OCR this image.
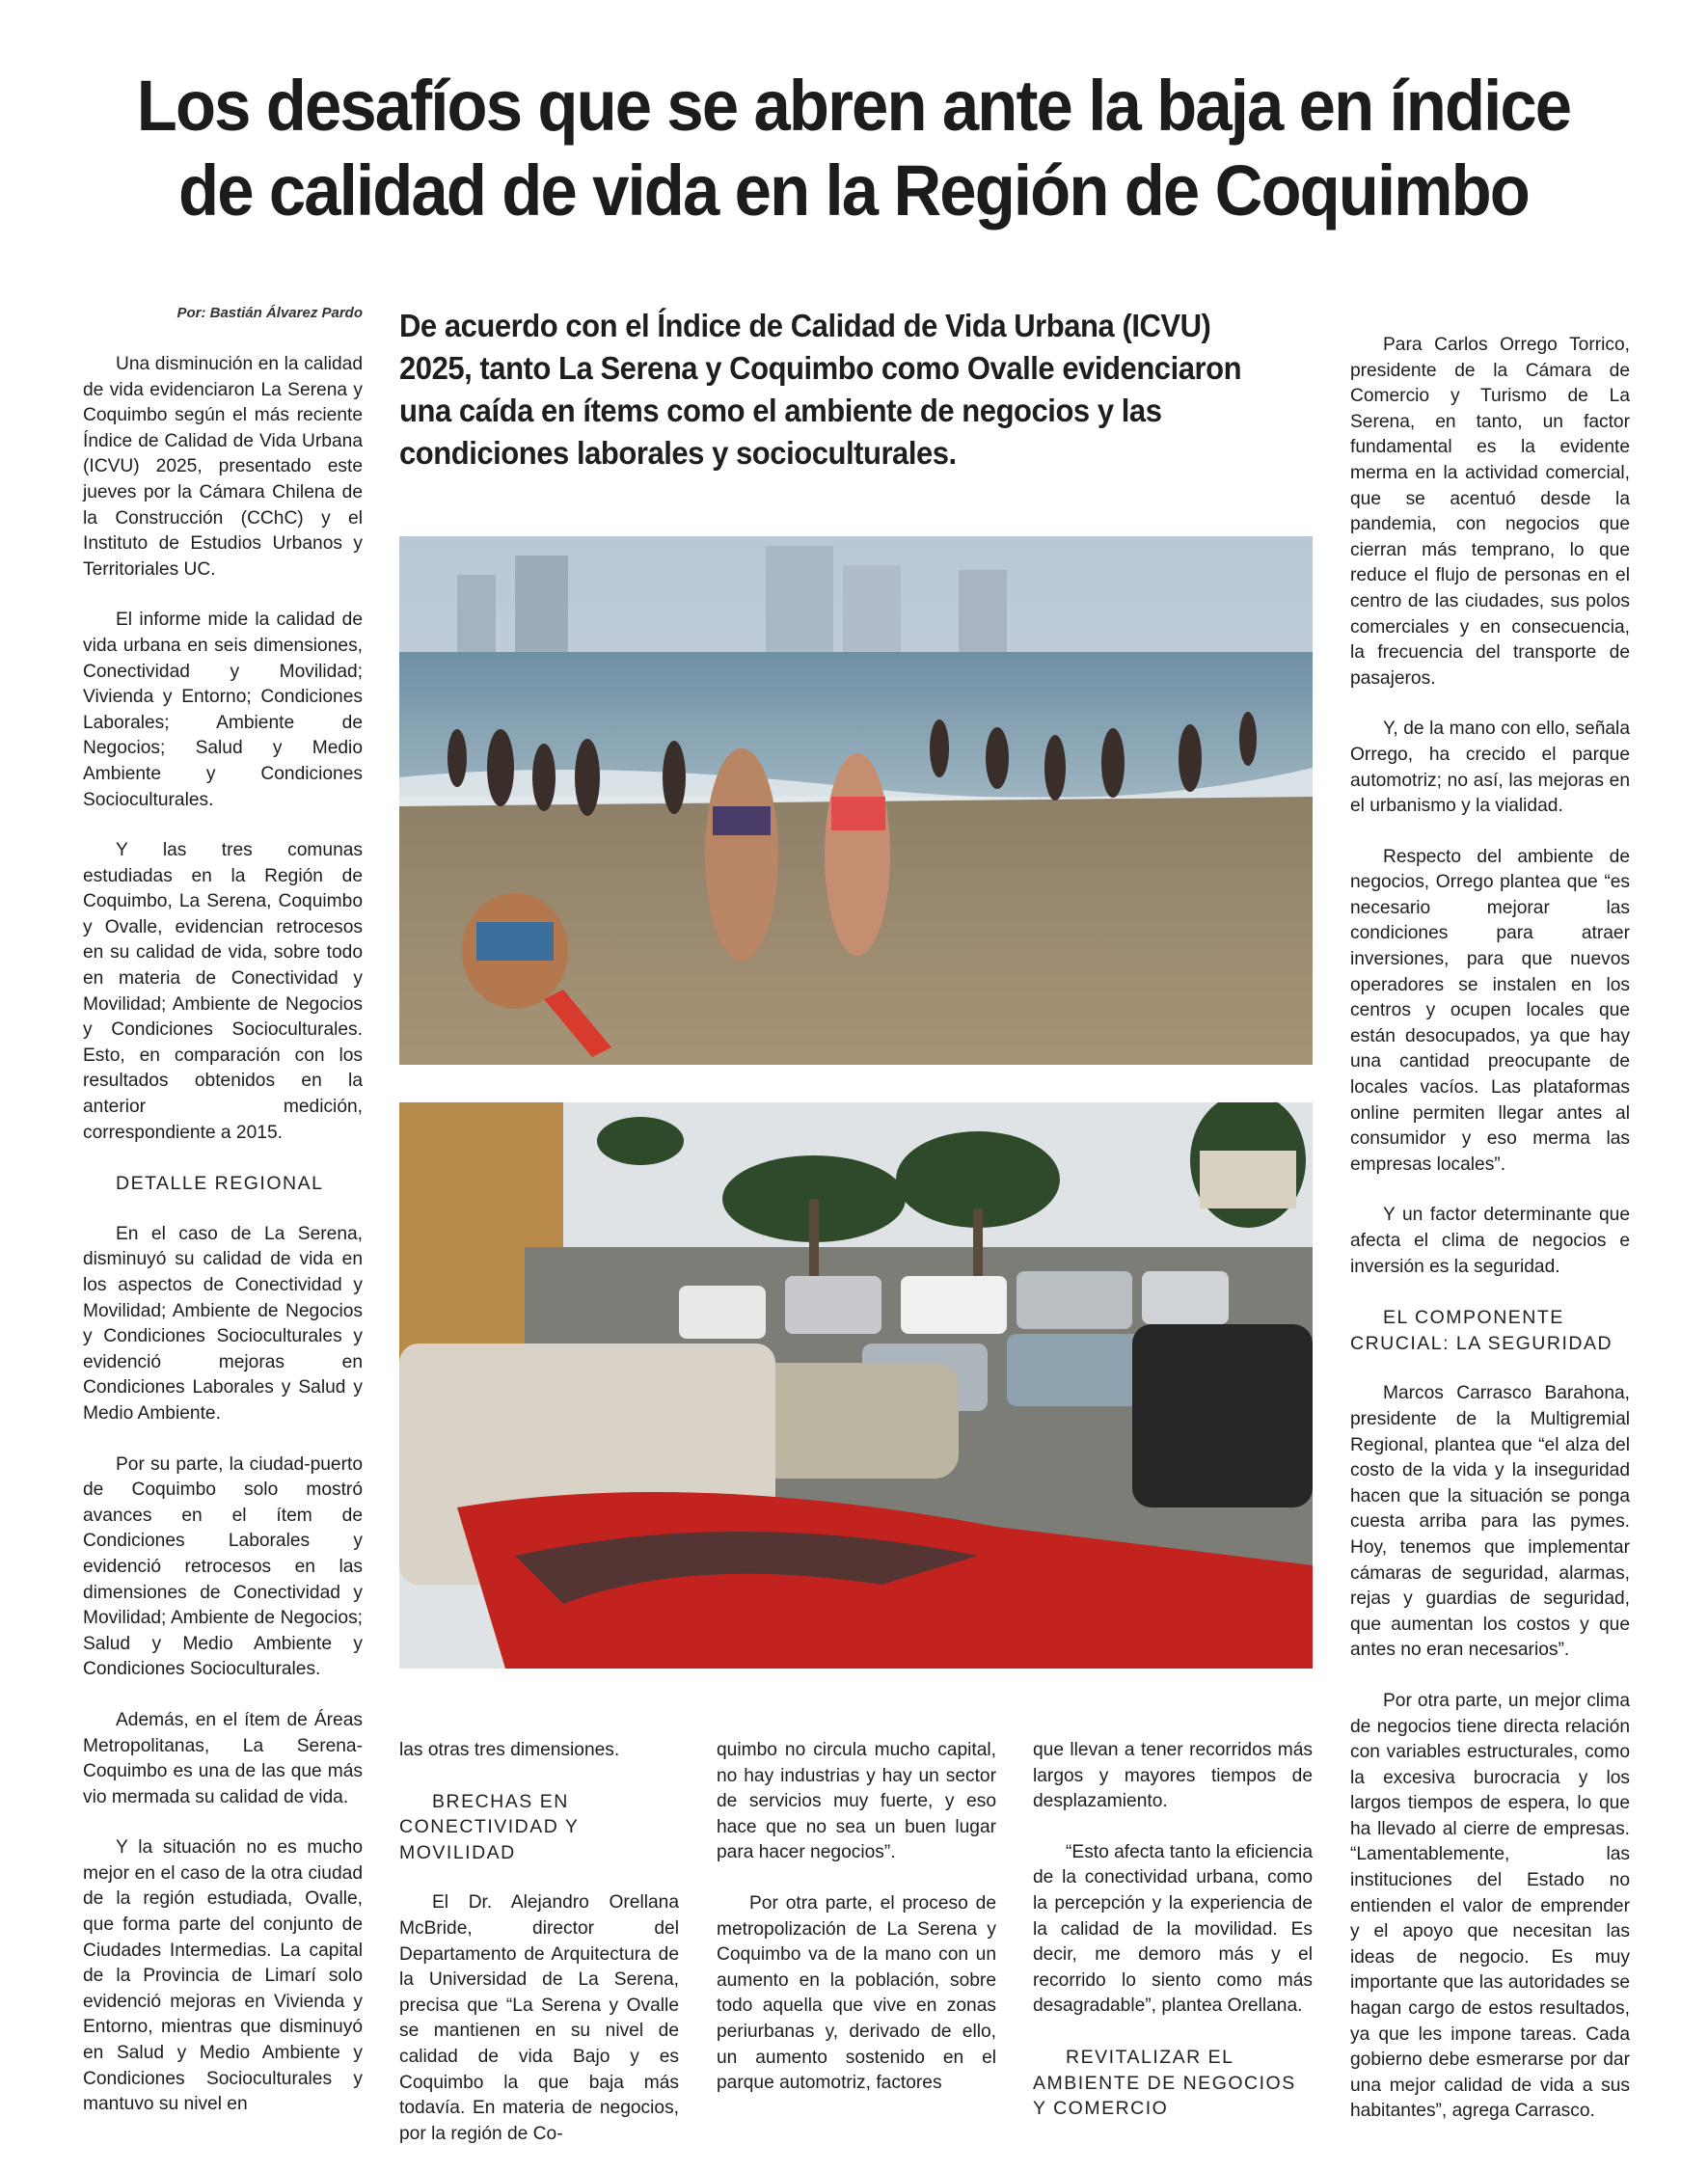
Los desafíos que se abren ante la baja en índice de calidad de vida en la Región de Coquimbo
Por: Bastián Álvarez Pardo

Una disminución en la calidad de vida evidenciaron La Serena y Coquimbo según el más reciente Índice de Calidad de Vida Urbana (ICVU) 2025, presentado este jueves por la Cámara Chilena de la Construcción (CChC) y el Instituto de Estudios Urbanos y Territoriales UC.

El informe mide la calidad de vida urbana en seis dimensiones, Conectividad y Movilidad; Vivienda y Entorno; Condiciones Laborales; Ambiente de Negocios; Salud y Medio Ambiente y Condiciones Socioculturales.

Y las tres comunas estudiadas en la Región de Coquimbo, La Serena, Coquimbo y Ovalle, evidencian retrocesos en su calidad de vida, sobre todo en materia de Conectividad y Movilidad; Ambiente de Negocios y Condiciones Socioculturales. Esto, en comparación con los resultados obtenidos en la anterior medición, correspondiente a 2015.

DETALLE REGIONAL

En el caso de La Serena, disminuyó su calidad de vida en los aspectos de Conectividad y Movilidad; Ambiente de Negocios y Condiciones Socioculturales y evidenció mejoras en Condiciones Laborales y Salud y Medio Ambiente.

Por su parte, la ciudad-puerto de Coquimbo solo mostró avances en el ítem de Condiciones Laborales y evidenció retrocesos en las dimensiones de Conectividad y Movilidad; Ambiente de Negocios; Salud y Medio Ambiente y Condiciones Socioculturales.

Además, en el ítem de Áreas Metropolitanas, La Serena-Coquimbo es una de las que más vio mermada su calidad de vida.

Y la situación no es mucho mejor en el caso de la otra ciudad de la región estudiada, Ovalle, que forma parte del conjunto de Ciudades Intermedias. La capital de la Provincia de Limarí solo evidenció mejoras en Vivienda y Entorno, mientras que disminuyó en Salud y Medio Ambiente y Condiciones Socioculturales y mantuvo su nivel en

De acuerdo con el Índice de Calidad de Vida Urbana (ICVU) 2025, tanto La Serena y Coquimbo como Ovalle evidenciaron una caída en ítems como el ambiente de negocios y las condiciones laborales y socioculturales.

las otras tres dimensiones.

BRECHAS EN CONECTIVIDAD Y MOVILIDAD

El Dr. Alejandro Orellana McBride, director del Departamento de Arquitectura de la Universidad de La Serena, precisa que “La Serena y Ovalle se mantienen en su nivel de calidad de vida Bajo y es Coquimbo la que baja más todavía. En materia de negocios, por la región de Co-

quimbo no circula mucho capital, no hay industrias y hay un sector de servicios muy fuerte, y eso hace que no sea un buen lugar para hacer negocios”.

Por otra parte, el proceso de metropolización de La Serena y Coquimbo va de la mano con un aumento en la población, sobre todo aquella que vive en zonas periurbanas y, derivado de ello, un aumento sostenido en el parque automotriz, factores

que llevan a tener recorridos más largos y mayores tiempos de desplazamiento.

“Esto afecta tanto la eficiencia de la conectividad urbana, como la percepción y la experiencia de la calidad de la movilidad. Es decir, me demoro más y el recorrido lo siento como más desagradable”, plantea Orellana.

REVITALIZAR EL AMBIENTE DE NEGOCIOS Y COMERCIO

Para Carlos Orrego Torrico, presidente de la Cámara de Comercio y Turismo de La Serena, en tanto, un factor fundamental es la evidente merma en la actividad comercial, que se acentuó desde la pandemia, con negocios que cierran más temprano, lo que reduce el flujo de personas en el centro de las ciudades, sus polos comerciales y en consecuencia, la frecuencia del transporte de pasajeros.

Y, de la mano con ello, señala Orrego, ha crecido el parque automotriz; no así, las mejoras en el urbanismo y la vialidad.

Respecto del ambiente de negocios, Orrego plantea que “es necesario mejorar las condiciones para atraer inversiones, para que nuevos operadores se instalen en los centros y ocupen locales que están desocupados, ya que hay una cantidad preocupante de locales vacíos. Las plataformas online permiten llegar antes al consumidor y eso merma las empresas locales”.

Y un factor determinante que afecta el clima de negocios e inversión es la seguridad.

EL COMPONENTE CRUCIAL: LA SEGURIDAD

Marcos Carrasco Barahona, presidente de la Multigremial Regional, plantea que “el alza del costo de la vida y la inseguridad hacen que la situación se ponga cuesta arriba para las pymes. Hoy, tenemos que implementar cámaras de seguridad, alarmas, rejas y guardias de seguridad, que aumentan los costos y que antes no eran necesarios”.

Por otra parte, un mejor clima de negocios tiene directa relación con variables estructurales, como la excesiva burocracia y los largos tiempos de espera, lo que ha llevado al cierre de empresas. “Lamentablemente, las instituciones del Estado no entienden el valor de emprender y el apoyo que necesitan las ideas de negocio. Es muy importante que las autoridades se hagan cargo de estos resultados, ya que les impone tareas. Cada gobierno debe esmerarse por dar una mejor calidad de vida a sus habitantes”, agrega Carrasco.
